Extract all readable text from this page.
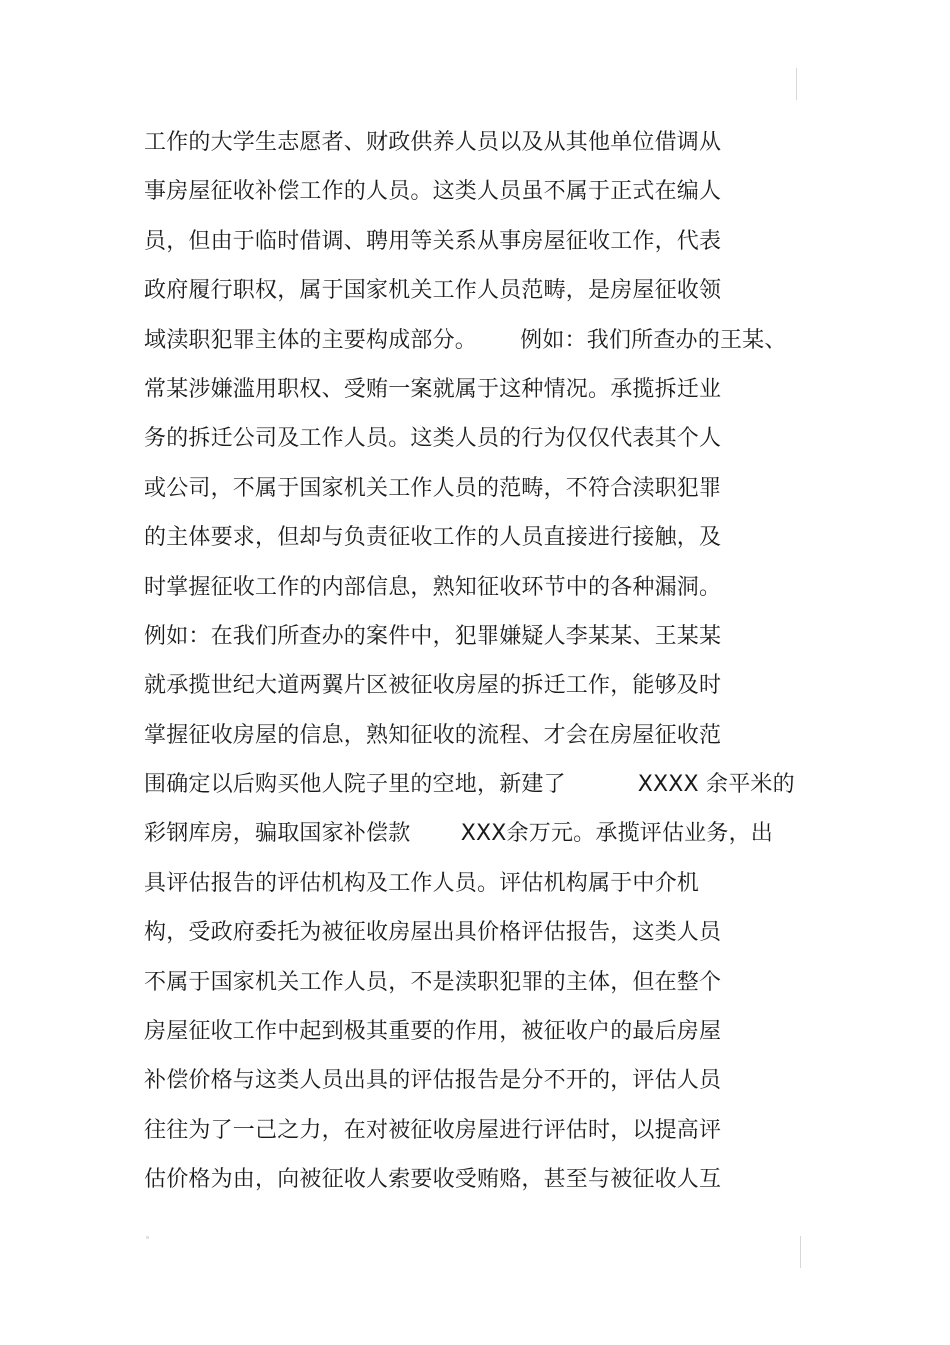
工作的大学生志愿者、财政供养人员以及从其他单位借调从
事房屋征收补偿工作的人员。这类人员虽不属于正式在编人
员，但由于临时借调、聘用等关系从事房屋征收工作，代表
政府履行职权，属于国家机关工作人员范畴，是房屋征收领
域渎职犯罪主体的主要构成部分。      例如：我们所查办的王某、
常某涉嫌滥用职权、受贿一案就属于这种情况。承揽拆迁业
务的拆迁公司及工作人员。这类人员的行为仅仅代表其个人
或公司，不属于国家机关工作人员的范畴，不符合渎职犯罪
的主体要求，但却与负责征收工作的人员直接进行接触，及
时掌握征收工作的内部信息，熟知征收环节中的各种漏洞。
例如：在我们所查办的案件中，犯罪嫌疑人李某某、王某某
就承揽世纪大道两翼片区被征收房屋的拆迁工作，能够及时
掌握征收房屋的信息，熟知征收的流程、才会在房屋征收范
围确定以后购买他人院子里的空地，新建了          XXXX 余平米的
彩钢库房，骗取国家补偿款       XXX余万元。承揽评估业务，出
具评估报告的评估机构及工作人员。评估机构属于中介机
构，受政府委托为被征收房屋出具价格评估报告，这类人员
不属于国家机关工作人员，不是渎职犯罪的主体，但在整个
房屋征收工作中起到极其重要的作用，被征收户的最后房屋
补偿价格与这类人员出具的评估报告是分不开的，评估人员
往往为了一己之力，在对被征收房屋进行评估时，以提高评
估价格为由，向被征收人索要收受贿赂，甚至与被征收人互
